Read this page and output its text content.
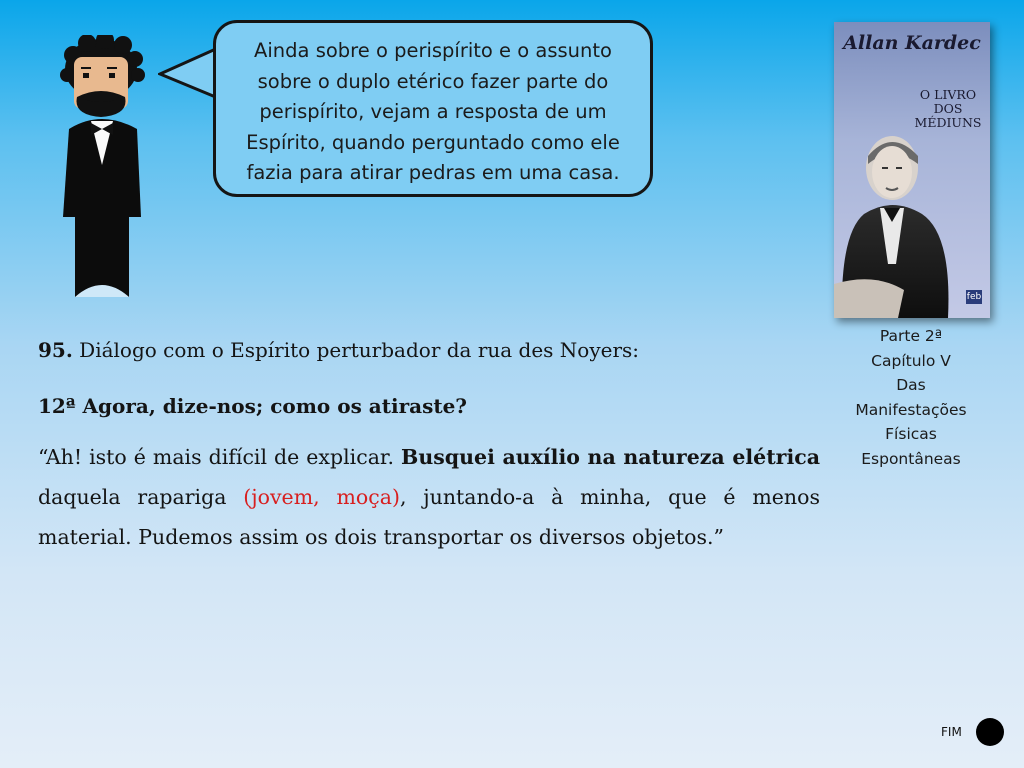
Ainda sobre o perispírito e o assunto
sobre o duplo etérico fazer parte do
perispírito, vejam a resposta de um
Espírito, quando perguntado como ele
fazia para atirar pedras em uma casa.
Allan Kardec
O LIVRO
DOS
MÉDIUNS
feb
Parte 2ª
Capítulo V
Das
Manifestações
Físicas
Espontâneas
95. Diálogo com o Espírito perturbador da rua des Noyers:
12ª Agora, dize-nos; como os atiraste?
“Ah! isto é mais difícil de explicar. Busquei auxílio na natureza elétrica daquela rapariga (jovem, moça), juntando-a à minha, que é menos material. Pudemos assim os dois transportar os diversos objetos.”
FIM
